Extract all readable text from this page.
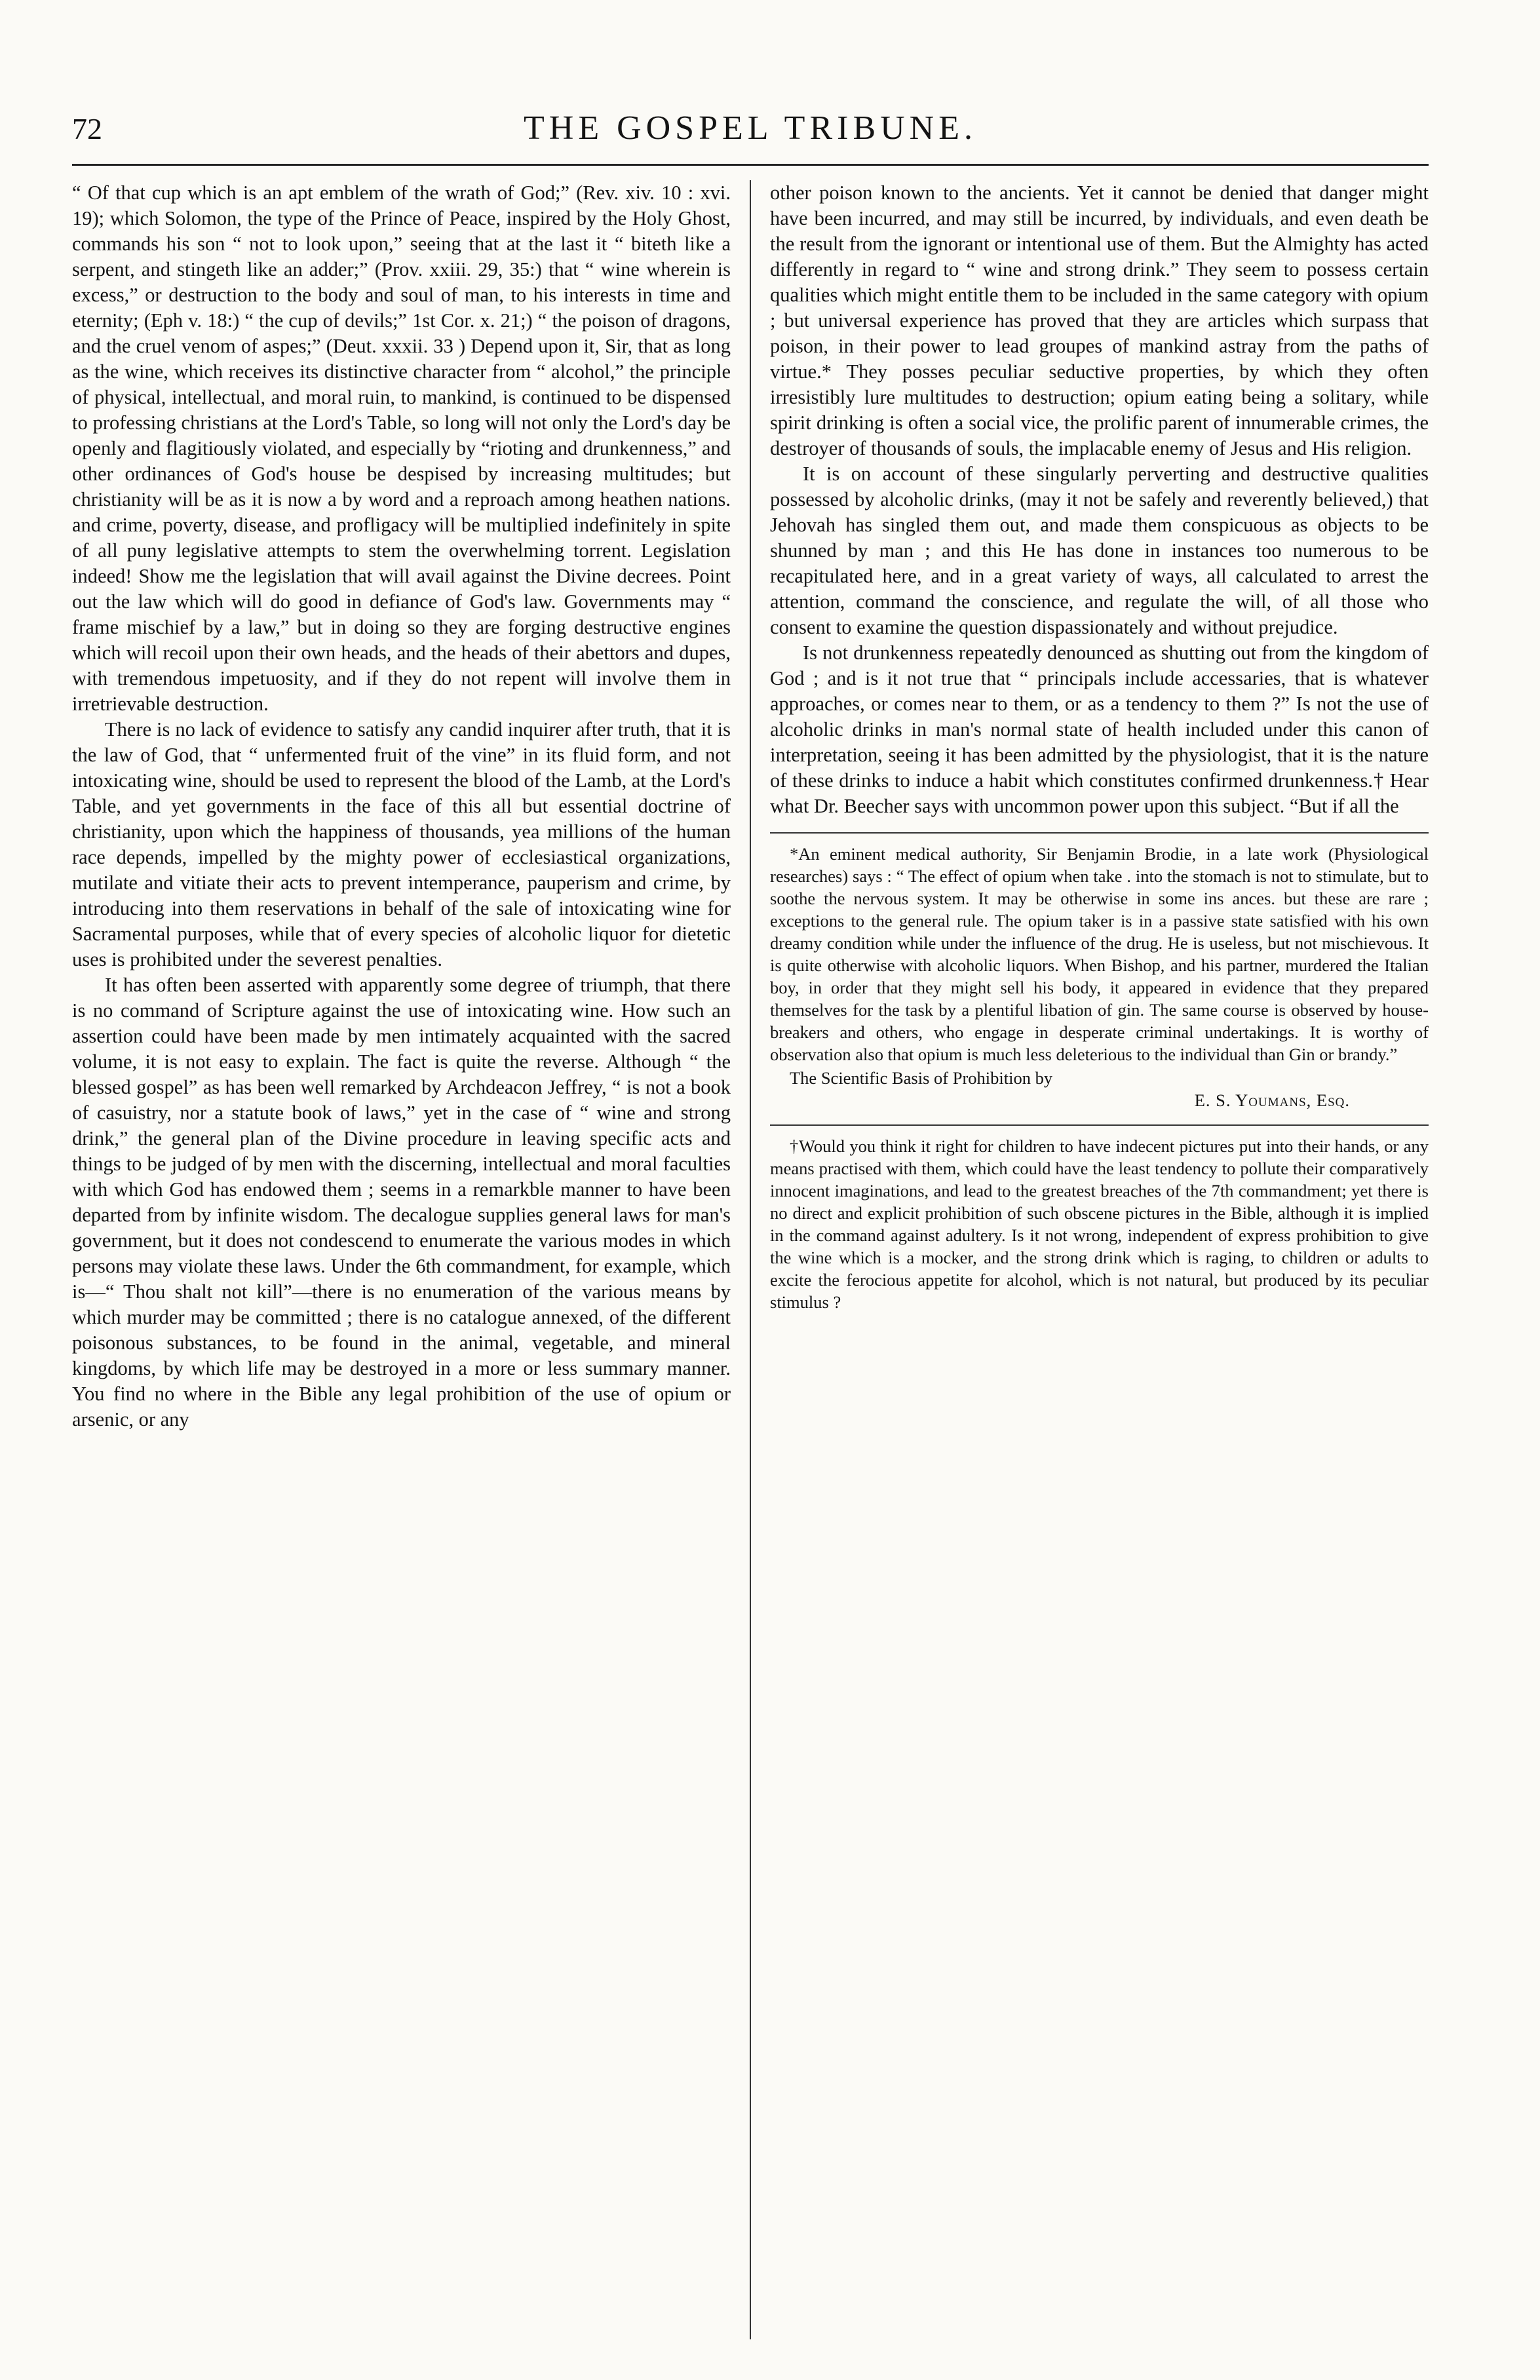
72	THE GOSPEL TRIBUNE.

“ Of that cup which is an apt emblem of the wrath of God;” (Rev. xiv. 10 : xvi. 19); which Solomon, the type of the Prince of Peace, inspired by the Holy Ghost, commands his son “ not to look upon,” seeing that at the last it “ biteth like a serpent, and stingeth like an adder;” (Prov. xxiii. 29, 35:) that “ wine wherein is excess,” or destruction to the body and soul of man, to his interests in time and eternity; (Eph v. 18:) “ the cup of devils;” 1st Cor. x. 21;) “ the poison of dragons, and the cruel venom of aspes;” (Deut. xxxii. 33 ) Depend upon it, Sir, that as long as the wine, which receives its distinctive character from “ alcohol,” the principle of physical, intellectual, and moral ruin, to mankind, is continued to be dispensed to professing christians at the Lord's Table, so long will not only the Lord's day be openly and flagitiously violated, and especially by “rioting and drunkenness,” and other ordinances of God's house be despised by increasing multitudes; but christianity will be as it is now a by word and a reproach among heathen nations. and crime, poverty, disease, and profligacy will be multiplied indefinitely in spite of all puny legislative attempts to stem the overwhelming torrent. Legislation indeed! Show me the legislation that will avail against the Divine decrees. Point out the law which will do good in defiance of God's law. Governments may “ frame mischief by a law,” but in doing so they are forging destructive engines which will recoil upon their own heads, and the heads of their abettors and dupes, with tremendous impetuosity, and if they do not repent will involve them in irretrievable destruction.

There is no lack of evidence to satisfy any candid inquirer after truth, that it is the law of God, that “ unfermented fruit of the vine” in its fluid form, and not intoxicating wine, should be used to represent the blood of the Lamb, at the Lord's Table, and yet governments in the face of this all but essential doctrine of christianity, upon which the happiness of thousands, yea millions of the human race depends, impelled by the mighty power of ecclesiastical organizations, mutilate and vitiate their acts to prevent intemperance, pauperism and crime, by introducing into them reservations in behalf of the sale of intoxicating wine for Sacramental purposes, while that of every species of alcoholic liquor for dietetic uses is prohibited under the severest penalties.

It has often been asserted with apparently some degree of triumph, that there is no command of Scripture against the use of intoxicating wine. How such an assertion could have been made by men intimately acquainted with the sacred volume, it is not easy to explain. The fact is quite the reverse. Although “ the blessed gospel” as has been well remarked by Archdeacon Jeffrey, “ is not a book of casuistry, nor a statute book of laws,” yet in the case of “ wine and strong drink,” the general plan of the Divine procedure in leaving specific acts and things to be judged of by men with the discerning, intellectual and moral faculties with which God has endowed them ; seems in a remarkble manner to have been departed from by infinite wisdom. The decalogue supplies general laws for man's government, but it does not condescend to enumerate the various modes in which persons may violate these laws. Under the 6th commandment, for example, which is—“ Thou shalt not kill”—there is no enumeration of the various means by which murder may be committed ; there is no catalogue annexed, of the different poisonous substances, to be found in the animal, vegetable, and mineral kingdoms, by which life may be destroyed in a more or less summary manner. You find no where in the Bible any legal prohibition of the use of opium or arsenic, or any

other poison known to the ancients. Yet it cannot be denied that danger might have been incurred, and may still be incurred, by individuals, and even death be the result from the ignorant or intentional use of them. But the Almighty has acted differently in regard to “ wine and strong drink.” They seem to possess certain qualities which might entitle them to be included in the same category with opium ; but universal experience has proved that they are articles which surpass that poison, in their power to lead groupes of mankind astray from the paths of virtue.* They posses peculiar seductive properties, by which they often irresistibly lure multitudes to destruction; opium eating being a solitary, while spirit drinking is often a social vice, the prolific parent of innumerable crimes, the destroyer of thousands of souls, the implacable enemy of Jesus and His religion.

It is on account of these singularly perverting and destructive qualities possessed by alcoholic drinks, (may it not be safely and reverently believed,) that Jehovah has singled them out, and made them conspicuous as objects to be shunned by man ; and this He has done in instances too numerous to be recapitulated here, and in a great variety of ways, all calculated to arrest the attention, command the conscience, and regulate the will, of all those who consent to examine the question dispassionately and without prejudice.

Is not drunkenness repeatedly denounced as shutting out from the kingdom of God ; and is it not true that “ principals include accessaries, that is whatever approaches, or comes near to them, or as a tendency to them ?” Is not the use of alcoholic drinks in man's normal state of health included under this canon of interpretation, seeing it has been admitted by the physiologist, that it is the nature of these drinks to induce a habit which constitutes confirmed drunkenness.† Hear what Dr. Beecher says with uncommon power upon this subject. “But if all the

*An eminent medical authority, Sir Benjamin Brodie, in a late work (Physiological researches) says : “ The effect of opium when take . into the stomach is not to stimulate, but to soothe the nervous system. It may be otherwise in some ins ances. but these are rare ; exceptions to the general rule. The opium taker is in a passive state satisfied with his own dreamy condition while under the influence of the drug. He is useless, but not mischievous. It is quite otherwise with alcoholic liquors. When Bishop, and his partner, murdered the Italian boy, in order that they might sell his body, it appeared in evidence that they prepared themselves for the task by a plentiful libation of gin. The same course is observed by house-breakers and others, who engage in desperate criminal undertakings. It is worthy of observation also that opium is much less deleterious to the individual than Gin or brandy.”

The Scientific Basis of Prohibition by

E. S. Youmans, Esq.

†Would you think it right for children to have indecent pictures put into their hands, or any means practised with them, which could have the least tendency to pollute their comparatively innocent imaginations, and lead to the greatest breaches of the 7th commandment; yet there is no direct and explicit prohibition of such obscene pictures in the Bible, although it is implied in the command against adultery. Is it not wrong, independent of express prohibition to give the wine which is a mocker, and the strong drink which is raging, to children or adults to excite the ferocious appetite for alcohol, which is not natural, but produced by its peculiar stimulus ?
